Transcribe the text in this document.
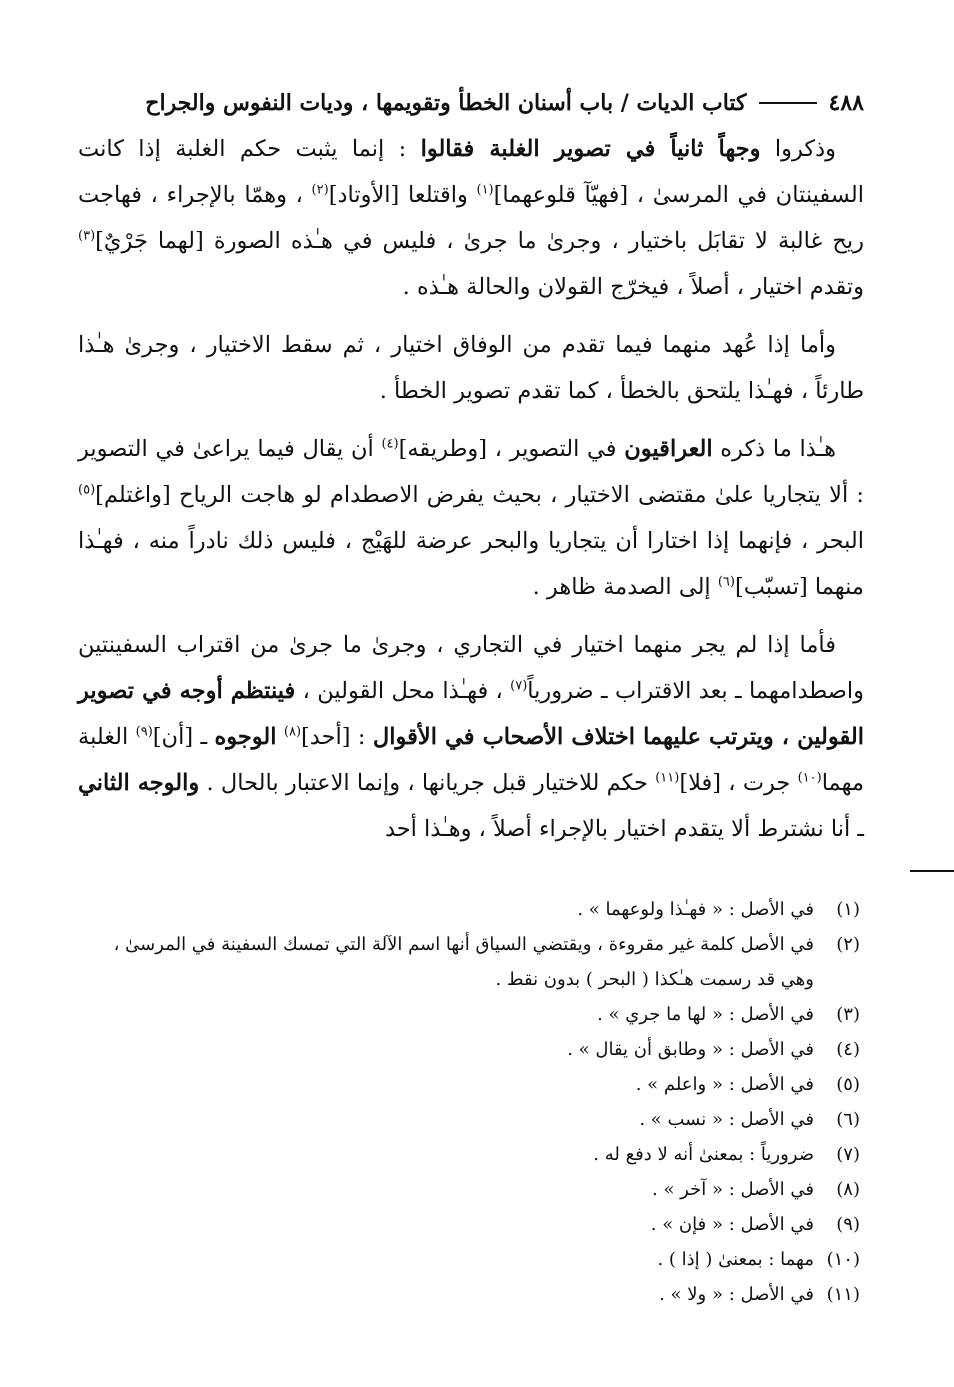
٤٨٨
كتاب الديات / باب أسنان الخطأ وتقويمها ، وديات النفوس والجراح

وذكروا وجهاً ثانياً في تصوير الغلبة فقالوا : إنما يثبت حكم الغلبة إذا كانت السفينتان في المرسىٰ ، [فهيّآ قلوعهما]$^{(١)}$ واقتلعا [الأوتاد]$^{(٢)}$ ، وهمّا بالإجراء ، فهاجت ريح غالبة لا تقابَل باختيار ، وجرىٰ ما جرىٰ ، فليس في هـٰذه الصورة [لهما جَرْيٌ]$^{(٣)}$ وتقدم اختيار ، أصلاً ، فيخرّج القولان والحالة هـٰذه .

وأما إذا عُهد منهما فيما تقدم من الوفاق اختيار ، ثم سقط الاختيار ، وجرىٰ هـٰذا طارئاً ، فهـٰذا يلتحق بالخطأ ، كما تقدم تصوير الخطأ .

هـٰذا ما ذكره العراقيون في التصوير ، [وطريقه]$^{(٤)}$ أن يقال فيما يراعىٰ في التصوير : ألا يتجاريا علىٰ مقتضى الاختيار ، بحيث يفرض الاصطدام لو هاجت الرياح [واغتلم]$^{(٥)}$ البحر ، فإنهما إذا اختارا أن يتجاريا والبحر عرضة للهَيْج ، فليس ذلك نادراً منه ، فهـٰذا منهما [تسبّب]$^{(٦)}$ إلى الصدمة ظاهر .

فأما إذا لم يجر منهما اختيار في التجاري ، وجرىٰ ما جرىٰ من اقتراب السفينتين واصطدامهما ـ بعد الاقتراب ـ ضرورياً$^{(٧)}$ ، فهـٰذا محل القولين ، فينتظم أوجه في تصوير القولين ، ويترتب عليهما اختلاف الأصحاب في الأقوال : [أحد]$^{(٨)}$ الوجوه ـ [أن]$^{(٩)}$ الغلبة مهما$^{(١٠)}$ جرت ، [فلا]$^{(١١)}$ حكم للاختيار قبل جريانها ، وإنما الاعتبار بالحال . والوجه الثاني ـ أنا نشترط ألا يتقدم اختيار بالإجراء أصلاً ، وهـٰذا أحد

(١)
في الأصل : « فهـٰذا ولوعهما » .
(٢)
في الأصل كلمة غير مقروءة ، ويقتضي السياق أنها اسم الآلة التي تمسك السفينة في المرسىٰ ، وهي قد رسمت هـٰكذا ( البحر ) بدون نقط .
(٣)
في الأصل : « لها ما جري » .
(٤)
في الأصل : « وطابق أن يقال » .
(٥)
في الأصل : « واعلم » .
(٦)
في الأصل : « نسب » .
(٧)
ضرورياً : بمعنىٰ أنه لا دفع له .
(٨)
في الأصل : « آخر » .
(٩)
في الأصل : « فإن » .
(١٠)
مهما : بمعنىٰ ( إذا ) .
(١١)
في الأصل : « ولا » .
